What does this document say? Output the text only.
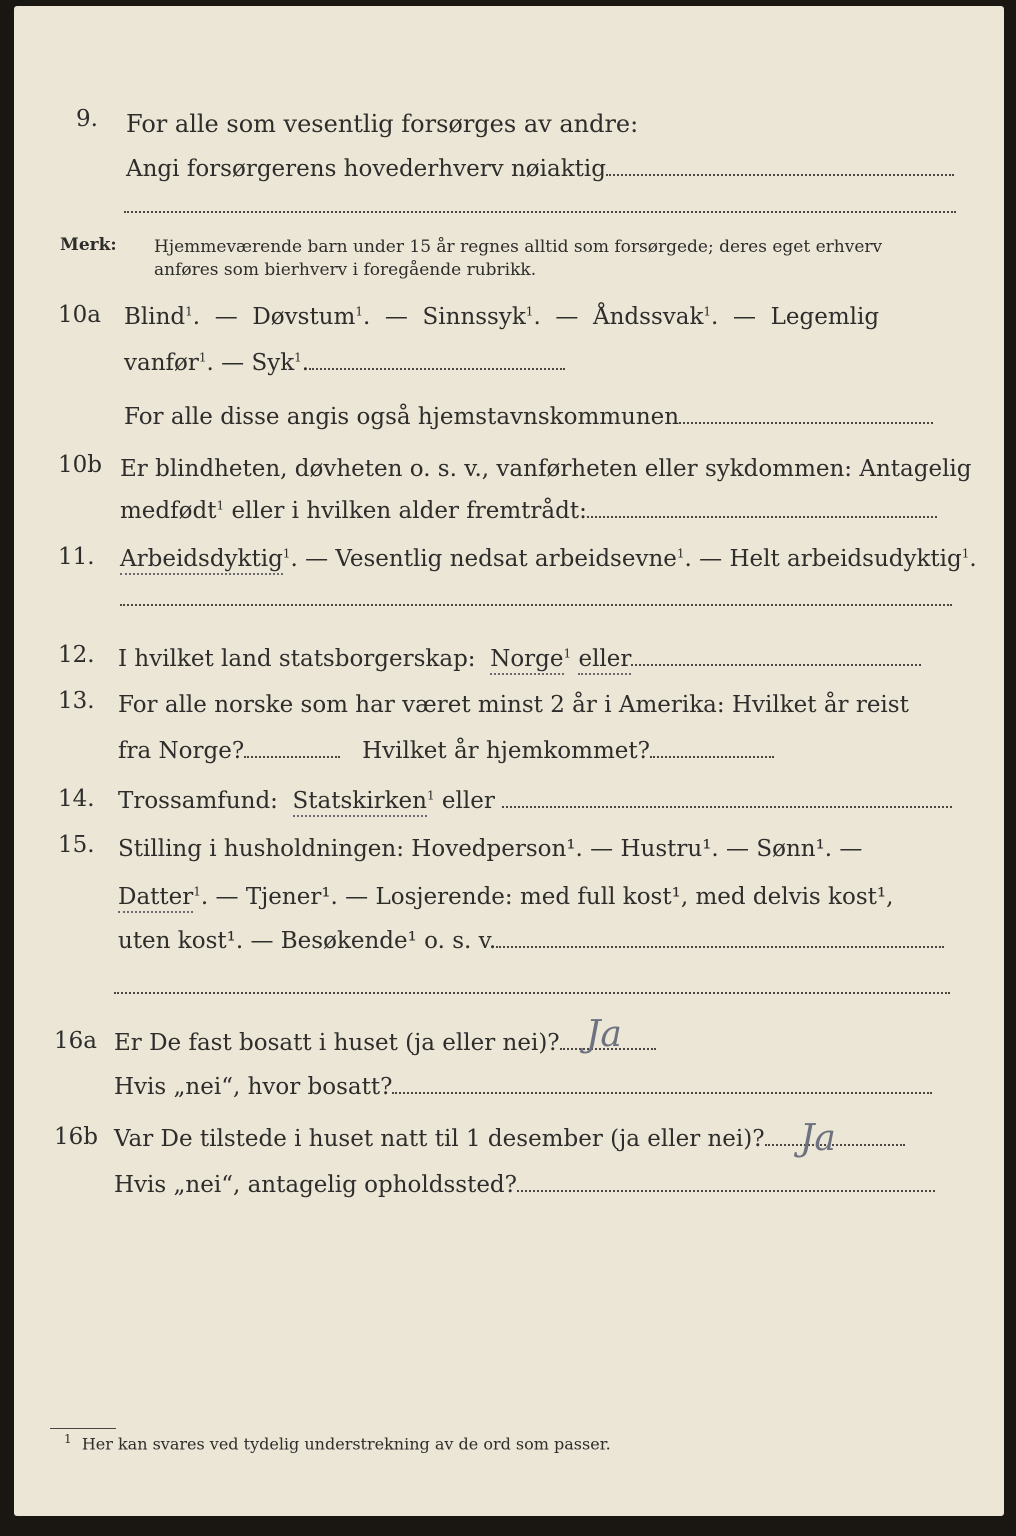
9. For alle som vesentlig forsørges av andre:
Angi forsørgerens hovederhverv nøiaktig
Merk: Hjemmeværende barn under 15 år regnes alltid som forsørgede; deres eget erhverv
anføres som bierhverv i foregående rubrikk.
10a Blind$^1$.  —  Døvstum$^1$.  —  Sinnssyk$^1$.  —  Åndssvak$^1$.  —  Legemlig
vanfør$^1$. — Syk$^1$.
For alle disse angis også hjemstavnskommunen
10b Er blindheten, døvheten o. s. v., vanførheten eller sykdommen: Antagelig
medfødt$^1$ eller i hvilken alder fremtrådt:
11. Arbeidsdyktig$^1$. — Vesentlig nedsat arbeidsevne$^1$. — Helt arbeidsudyktig$^1$.
12. I hvilket land statsborgerskap: Norge$^1$ eller
13. For alle norske som har været minst 2 år i Amerika: Hvilket år reist
fra Norge?	Hvilket år hjemkommet?
14. Trossamfund: Statskirken$^1$ eller
15. Stilling i husholdningen: Hovedperson¹. — Hustru¹. — Sønn¹. —
Datter$^1$. — Tjener¹. — Losjerende: med full kost¹, med delvis kost¹,
uten kost¹. — Besøkende¹ o. s. v.
16a Er De fast bosatt i huset (ja eller nei)? Ja
Hvis „nei“, hvor bosatt?
16b Var De tilstede i huset natt til 1 desember (ja eller nei)? Ja
Hvis „nei“, antagelig opholdssted?
$^1$ Her kan svares ved tydelig understrekning av de ord som passer.
